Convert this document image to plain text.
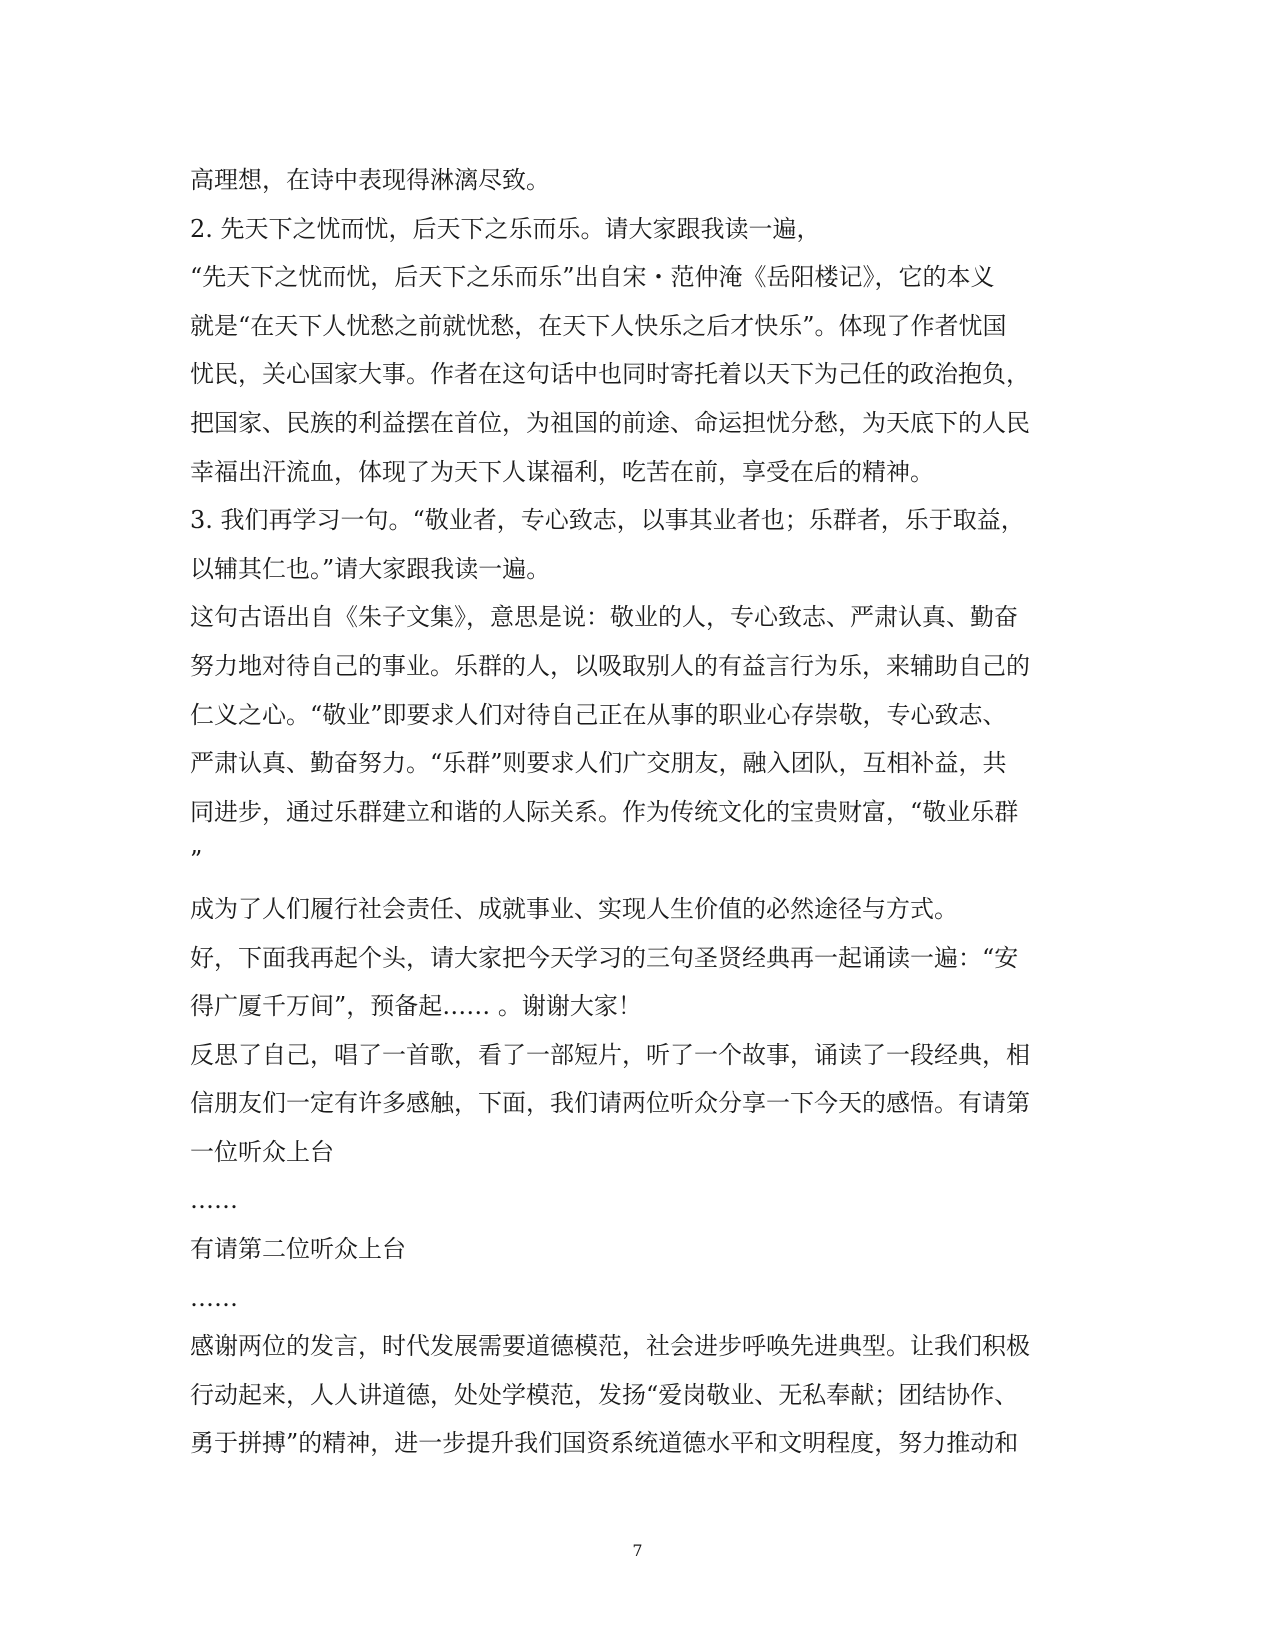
高理想，在诗中表现得淋漓尽致。
2. 先天下之忧而忧，后天下之乐而乐。请大家跟我读一遍，
“先天下之忧而忧，后天下之乐而乐”出自宋・范仲淹《岳阳楼记》，它的本义
就是“在天下人忧愁之前就忧愁，在天下人快乐之后才快乐”。体现了作者忧国
忧民，关心国家大事。作者在这句话中也同时寄托着以天下为己任的政治抱负，
把国家、民族的利益摆在首位，为祖国的前途、命运担忧分愁，为天底下的人民
幸福出汗流血，体现了为天下人谋福利，吃苦在前，享受在后的精神。
3. 我们再学习一句。“敬业者，专心致志，以事其业者也；乐群者，乐于取益，
以辅其仁也。”请大家跟我读一遍。
这句古语出自《朱子文集》，意思是说：敬业的人，专心致志、严肃认真、勤奋
努力地对待自己的事业。乐群的人，以吸取别人的有益言行为乐，来辅助自己的
仁义之心。“敬业”即要求人们对待自己正在从事的职业心存崇敬，专心致志、
严肃认真、勤奋努力。“乐群”则要求人们广交朋友，融入团队，互相补益，共
同进步，通过乐群建立和谐的人际关系。作为传统文化的宝贵财富，“敬业乐群
”
成为了人们履行社会责任、成就事业、实现人生价值的必然途径与方式。
好，下面我再起个头，请大家把今天学习的三句圣贤经典再一起诵读一遍：“安
得广厦千万间”，预备起…… 。谢谢大家！
反思了自己，唱了一首歌，看了一部短片，听了一个故事，诵读了一段经典，相
信朋友们一定有许多感触，下面，我们请两位听众分享一下今天的感悟。有请第
一位听众上台
……
有请第二位听众上台
……
感谢两位的发言，时代发展需要道德模范，社会进步呼唤先进典型。让我们积极
行动起来，人人讲道德，处处学模范，发扬“爱岗敬业、无私奉献；团结协作、
勇于拼搏”的精神，进一步提升我们国资系统道德水平和文明程度，努力推动和
7
